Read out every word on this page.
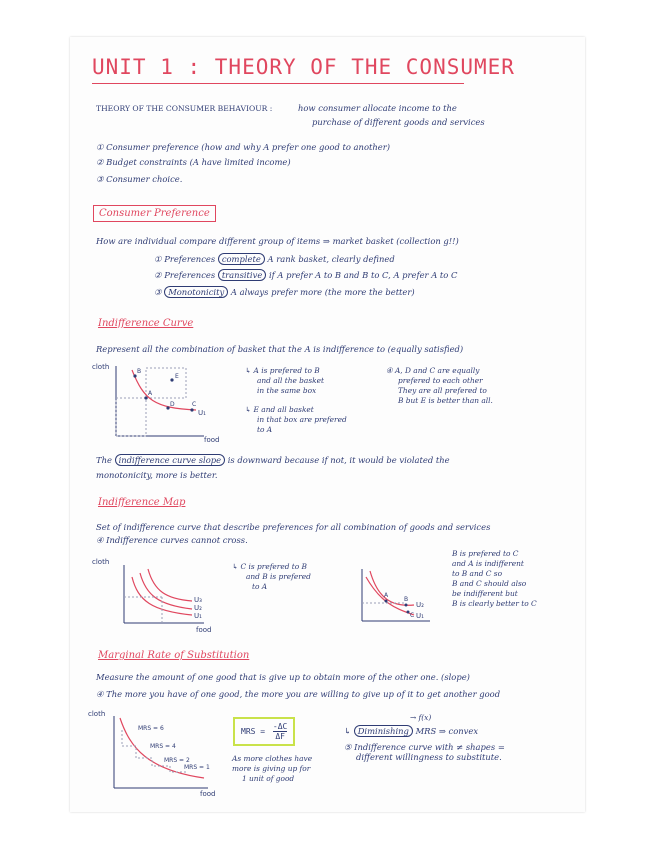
UNIT 1 : THEORY OF THE CONSUMER
THEORY OF THE CONSUMER BEHAVIOUR :	how consumer allocate income to the
purchase of different goods and services
① Consumer preference (how and why A prefer one good to another)
② Budget constraints (A have limited income)
③ Consumer choice.
Consumer Preference
How are individual compare different group of items ⇒ market basket (collection g!!)
① Preferences complete A rank basket, clearly defined
② Preferences transitive if A prefer A to B and B to C, A prefer A to C
③ Monotonicity A always prefer more (the more the better)
Indifference Curve
Represent all the combination of basket that the A is indifference to (equally satisfied)
cloth
B
A
E
D	C
U₁
food
↳ A is prefered to B
and all the basket
in the same box
↳ E and all basket
in that box are prefered
to A
④ A, D and C are equally
prefered to each other
They are all prefered to
B but E is better than all.
The indifference curve slope is downward because if not, it would be violated the
monotonicity, more is better.
Indifference Map
Set of indifference curve that describe preferences for all combination of goods and services
④ Indifference curves cannot cross.
cloth
U₃
U₂
U₁
food
↳ C is prefered to B
and B is prefered
to A
A
B
C
U₂
U₁
B is prefered to C
and A is indifferent
to B and C so
B and C should also
be indifferent but
B is clearly better to C
Marginal Rate of Substitution
Measure the amount of one good that is give up to obtain more of the other one. (slope)
④ The more you have of one good, the more you are willing to give up of it to get another good
cloth
MRS = 6
MRS = 4
MRS = 2
MRS = 1
food
MRS = $\frac{-\Delta C}{\Delta F}$
As more clothes have
more is giving up for
1 unit of good
→ f(x)
↳ Diminishing MRS ⇒ convex
⑤ Indifference curve with ≠ shapes =
different willingness to substitute.
